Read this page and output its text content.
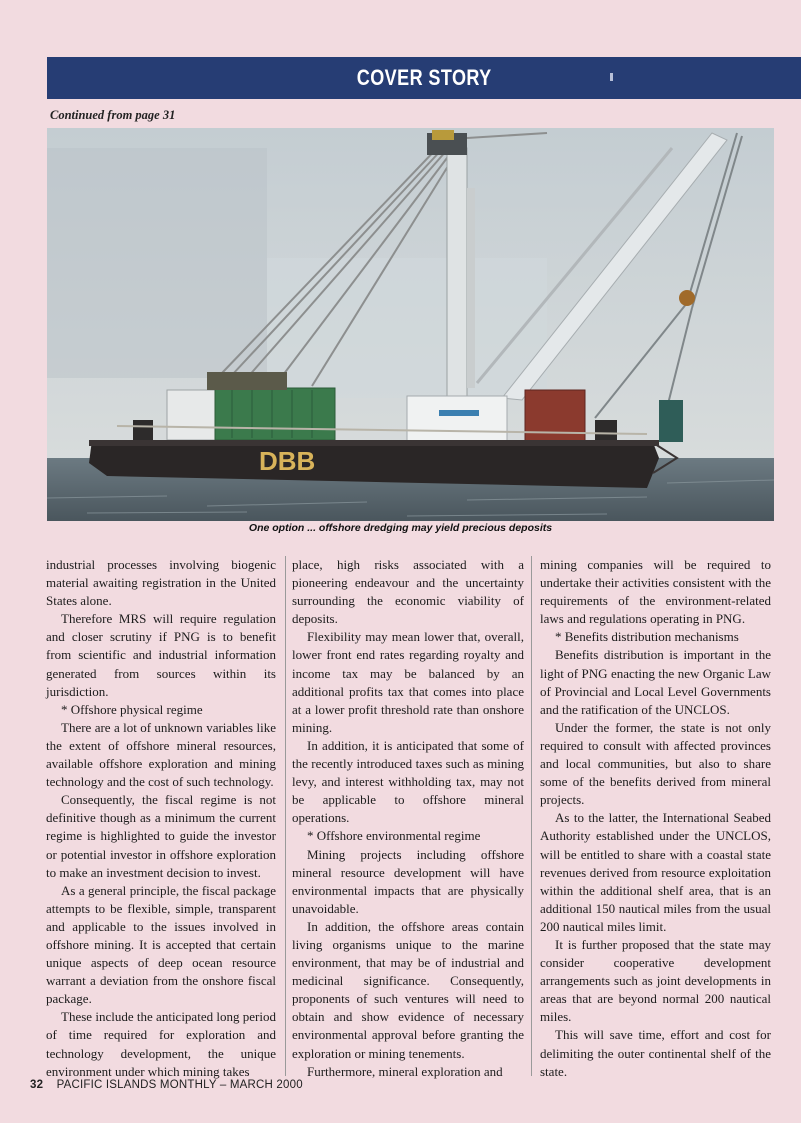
COVER STORY
Continued from page 31
DBB
One option ... offshore dredging may yield precious deposits

industrial processes involving biogenic material awaiting registration in the United States alone.

Therefore MRS will require regulation and closer scrutiny if PNG is to benefit from scientific and industrial information generated from sources within its jurisdiction.

* Offshore physical regime

There are a lot of unknown variables like the extent of offshore mineral resources, available offshore exploration and mining technology and the cost of such technology.

Consequently, the fiscal regime is not definitive though as a minimum the current regime is highlighted to guide the investor or potential investor in offshore exploration to make an investment decision to invest.

As a general principle, the fiscal package attempts to be flexible, simple, transparent and applicable to the issues involved in offshore mining. It is accepted that certain unique aspects of deep ocean resource warrant a deviation from the onshore fiscal package.

These include the anticipated long period of time required for exploration and technology development, the unique environment under which mining takes

place, high risks associated with a pioneering endeavour and the uncertainty surrounding the economic viability of deposits.

Flexibility may mean lower that, overall, lower front end rates regarding royalty and income tax may be balanced by an additional profits tax that comes into place at a lower profit threshold rate than onshore mining.

In addition, it is anticipated that some of the recently introduced taxes such as mining levy, and interest withholding tax, may not be applicable to offshore mineral operations.

* Offshore environmental regime

Mining projects including offshore mineral resource development will have environmental impacts that are physically unavoidable.

In addition, the offshore areas contain living organisms unique to the marine environment, that may be of industrial and medicinal significance. Consequently, proponents of such ventures will need to obtain and show evidence of necessary environmental approval before granting the exploration or mining tenements.

Furthermore, mineral exploration and

mining companies will be required to undertake their activities consistent with the requirements of the environment-related laws and regulations operating in PNG.

* Benefits distribution mechanisms

Benefits distribution is important in the light of PNG enacting the new Organic Law of Provincial and Local Level Governments and the ratification of the UNCLOS.

Under the former, the state is not only required to consult with affected provinces and local communities, but also to share some of the benefits derived from mineral projects.

As to the latter, the International Seabed Authority established under the UNCLOS, will be entitled to share with a coastal state revenues derived from resource exploitation within the additional shelf area, that is an additional 150 nautical miles from the usual 200 nautical miles limit.

It is further proposed that the state may consider cooperative development arrangements such as joint developments in areas that are beyond normal 200 nautical miles.

This will save time, effort and cost for delimiting the outer continental shelf of the state.

32 PACIFIC ISLANDS MONTHLY – MARCH 2000
